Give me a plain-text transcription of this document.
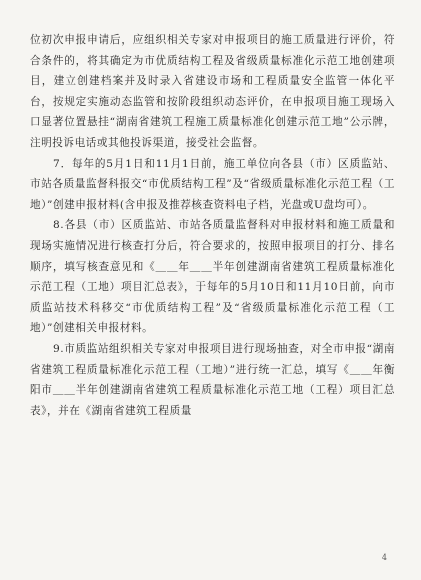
位初次申报申请后，应组织相关专家对申报项目的施工质量进行评价，符合条件的，将其确定为市优质结构工程及省级质量标准化示范工地创建项目，建立创建档案并及时录入省建设市场和工程质量安全监管一体化平台，按规定实施动态监管和按阶段组织动态评价，在申报项目施工现场入口显著位置悬挂“湖南省建筑工程施工质量标准化创建示范工地”公示牌，注明投诉电话或其他投诉渠道，接受社会监督。

7．每年的5月1日和11月1日前，施工单位向各县（市）区质监站、市站各质量监督科报交“市优质结构工程”及“省级质量标准化示范工程（工地）”创建申报材料(含申报及推荐核查资料电子档，光盘或U盘均可）。

8.各县（市）区质监站、市站各质量监督科对申报材料和施工质量和现场实施情况进行核查打分后，符合要求的，按照申报项目的打分、排名顺序，填写核查意见和《＿＿年＿＿半年创建湖南省建筑工程质量标准化示范工程（工地）项目汇总表》，于每年的5月10日和11月10日前，向市质监站技术科移交“市优质结构工程”及“省级质量标准化示范工程（工地）”创建相关申报材料。

9.市质监站组织相关专家对申报项目进行现场抽查，对全市申报“湖南省建筑工程质量标准化示范工程（工地）”进行统一汇总，填写《＿＿年衡阳市＿＿半年创建湖南省建筑工程质量标准化示范工地（工程）项目汇总表》，并在《湖南省建筑工程质量

4
